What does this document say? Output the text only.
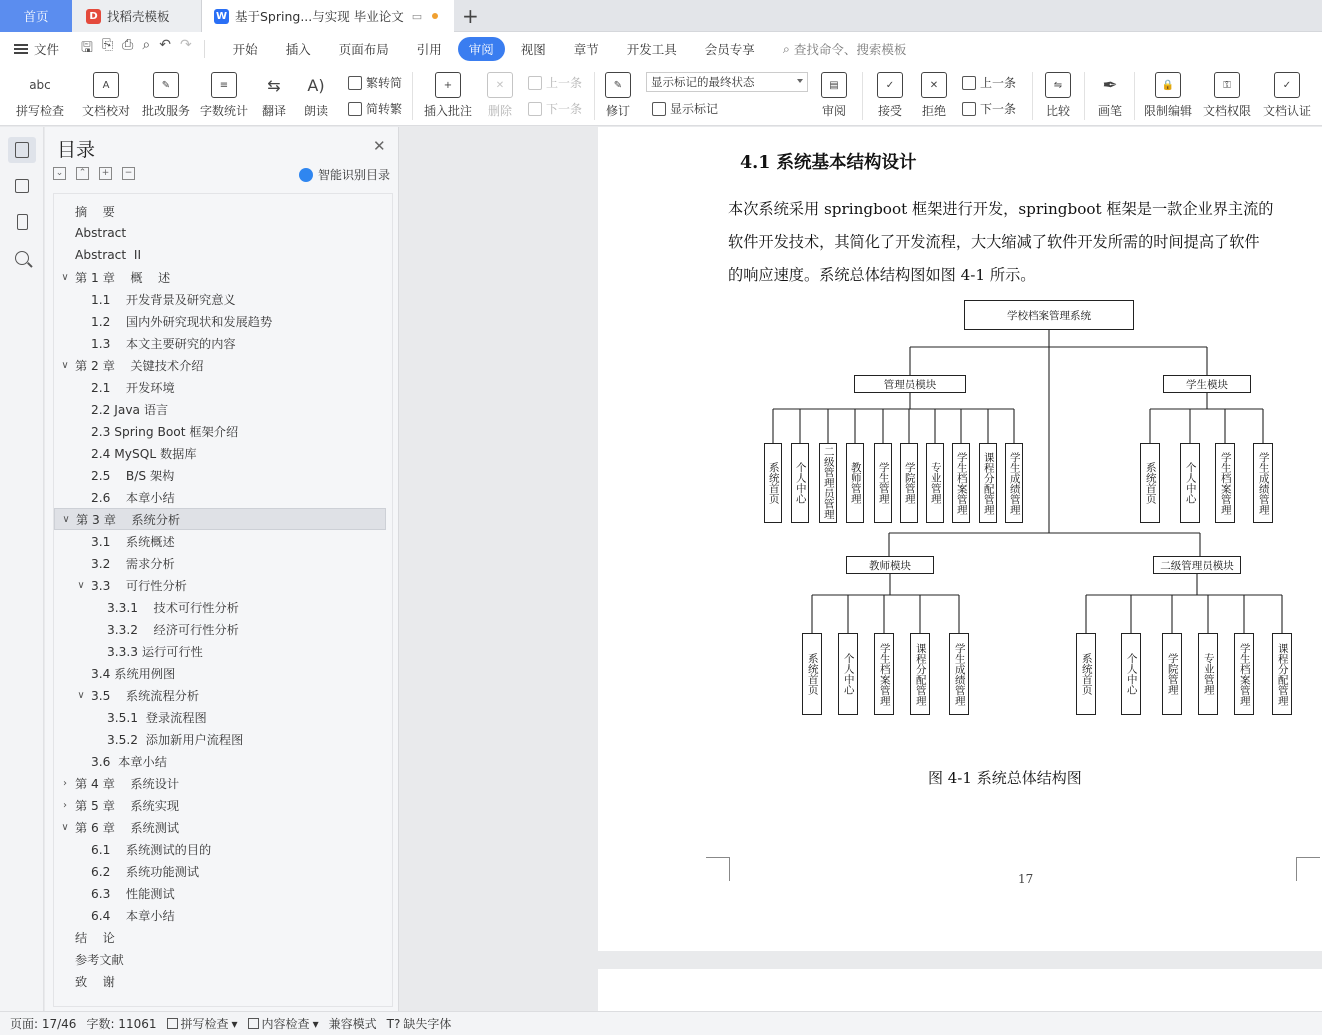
首页	D 找稻壳模板	W 基于Spring...与实现 毕业论文 ▭ +
文件 🖫 ⎘ ⎙ ⌕ ↶ ↷	开始	插入	页面布局	引用	审阅	视图	章节	开发工具	会员专享	⌕ 查找命令、搜索模板
abc
拼写检查
A
文档校对
✎
批改服务
≡
字数统计
⇆
翻译
A)
朗读
繁转简
简转繁
+
插入批注
✕
删除
上一条
下一条
✎
修订
显示标记的最终状态
显示标记
▤
审阅
✓
接受
✕
拒绝
上一条
下一条
⇋
比较
✒
画笔
🔒
限制编辑
⚿
文档权限
✓
文档认证
目录	✕
⌄	⌃	+	−	智能识别目录
摘    要
Abstract
Abstract  II
∨ 第 1 章    概    述
1.1    开发背景及研究意义
1.2    国内外研究现状和发展趋势
1.3    本文主要研究的内容
∨ 第 2 章    关键技术介绍
2.1    开发环境
2.2 Java 语言
2.3 Spring Boot 框架介绍
2.4 MySQL 数据库
2.5    B/S 架构
2.6    本章小结
∨ 第 3 章    系统分析
3.1    系统概述
3.2    需求分析
∨ 3.3    可行性分析
3.3.1    技术可行性分析
3.3.2    经济可行性分析
3.3.3 运行可行性
3.4 系统用例图
∨ 3.5    系统流程分析
3.5.1  登录流程图
3.5.2  添加新用户流程图
3.6  本章小结
› 第 4 章    系统设计
› 第 5 章    系统实现
∨ 第 6 章    系统测试
6.1    系统测试的目的
6.2    系统功能测试
6.3    性能测试
6.4    本章小结
结    论
参考文献
致    谢
4.1 系统基本结构设计
本次系统采用 springboot 框架进行开发，springboot 框架是一款企业界主流的
软件开发技术，其简化了开发流程，大大缩减了软件开发所需的时间提高了软件
的响应速度。系统总体结构图如图 4-1 所示。
学校档案管理系统
管理员模块
系统首页	个人中心	二级管理员管理	教师管理	学生管理	学院管理	专业管理	学生档案管理	课程分配管理	学生成绩管理
学生模块
系统首页	个人中心	学生档案管理	学生成绩管理
教师模块
系统首页	个人中心	学生档案管理	课程分配管理	学生成绩管理
二级管理员模块
系统首页	个人中心	学院管理	专业管理	学生档案管理	课程分配管理
图 4-1 系统总体结构图
17
页面: 17/46 字数: 11061 拼写检查 ▾ 内容检查 ▾ 兼容模式 T? 缺失字体
